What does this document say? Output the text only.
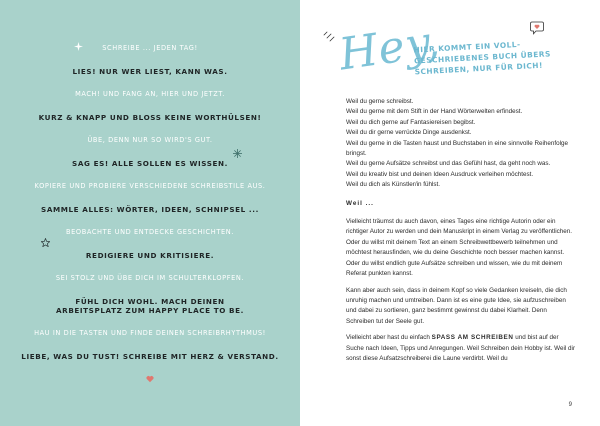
SCHREIBE ... JEDEN TAG!

LIES! NUR WER LIEST, KANN WAS.

MACH! UND FANG AN, HIER UND JETZT.

KURZ & KNAPP UND BLOSS KEINE WORTHÜLSEN!

ÜBE, DENN NUR SO WIRD'S GUT.

SAG ES! ALLE SOLLEN ES WISSEN.

KOPIERE UND PROBIERE VERSCHIEDENE SCHREIBSTILE AUS.

SAMMLE ALLES: WÖRTER, IDEEN, SCHNIPSEL ...

BEOBACHTE UND ENTDECKE GESCHICHTEN.

REDIGIERE UND KRITISIERE.

SEI STOLZ UND ÜBE DICH IM SCHULTERKLOPFEN.

FÜHL DICH WOHL. MACH DEINEN ARBEITSPLATZ ZUM HAPPY PLACE TO BE.

HAU IN DIE TASTEN UND FINDE DEINEN SCHREIBRHYTHMUS!

LIEBE, WAS DU TUST! SCHREIBE MIT HERZ & VERSTAND.

Hey,
HIER KOMMT EIN VOLL-GESCHRIEBENES BUCH ÜBERS SCHREIBEN, NUR FÜR DICH!
Weil du gerne schreibst.
Weil du gerne mit dem Stift in der Hand Wörterwelten erfindest.
Weil du dich gerne auf Fantasiereisen begibst.
Weil du dir gerne verrückte Dinge ausdenkst.
Weil du gerne in die Tasten haust und Buchstaben in eine sinnvolle Reihenfolge bringst.
Weil du gerne Aufsätze schreibst und das Gefühl hast, da geht noch was.
Weil du kreativ bist und deinen Ideen Ausdruck verleihen möchtest.
Weil du dich als Künstler/in fühlst.

Weil ...

Vielleicht träumst du auch davon, eines Tages eine richtige Autorin oder ein richtiger Autor zu werden und dein Manuskript in einem Verlag zu veröffentlichen. Oder du willst mit deinem Text an einem Schreibwettbewerb teilnehmen und möchtest herausfinden, wie du deine Geschichte noch besser machen kannst. Oder du willst endlich gute Aufsätze schreiben und wissen, wie du mit deinem Referat punkten kannst.

Kann aber auch sein, dass in deinem Kopf so viele Gedanken kreiseln, die dich unruhig machen und umtreiben. Dann ist es eine gute Idee, sie aufzuschreiben und dabei zu sortieren, ganz bestimmt gewinnst du dabei Klarheit. Denn Schreiben tut der Seele gut.

Vielleicht aber hast du einfach SPASS AM SCHREIBEN und bist auf der Suche nach Ideen, Tipps und Anregungen. Weil Schreiben dein Hobby ist. Weil dir sonst diese Aufsatzschreiberei die Laune verdirbt. Weil du

9
